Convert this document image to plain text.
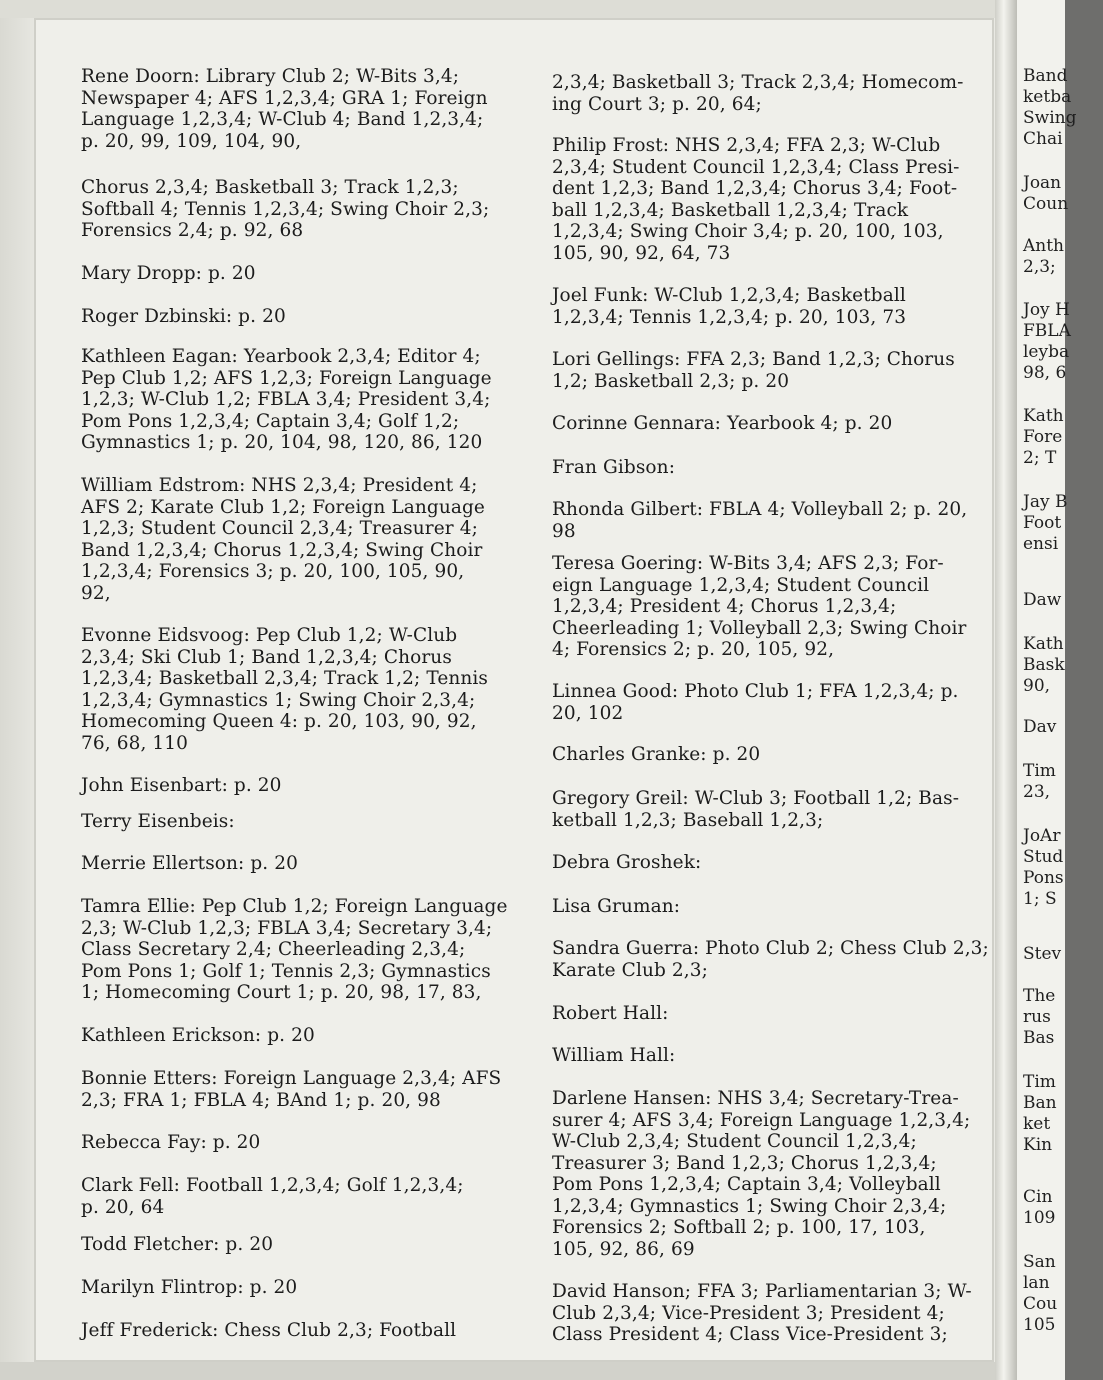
Rene Doorn: Library Club 2; W-Bits 3,4;
Newspaper 4; AFS 1,2,3,4; GRA 1; Foreign
Language 1,2,3,4; W-Club 4; Band 1,2,3,4;
p. 20, 99, 109, 104, 90,

Chorus 2,3,4; Basketball 3; Track 1,2,3;
Softball 4; Tennis 1,2,3,4; Swing Choir 2,3;
Forensics 2,4; p. 92, 68

Mary Dropp: p. 20

Roger Dzbinski: p. 20

Kathleen Eagan: Yearbook 2,3,4; Editor 4;
Pep Club 1,2; AFS 1,2,3; Foreign Language
1,2,3; W-Club 1,2; FBLA 3,4; President 3,4;
Pom Pons 1,2,3,4; Captain 3,4; Golf 1,2;
Gymnastics 1; p. 20, 104, 98, 120, 86, 120

William Edstrom: NHS 2,3,4; President 4;
AFS 2; Karate Club 1,2; Foreign Language
1,2,3; Student Council 2,3,4; Treasurer 4;
Band 1,2,3,4; Chorus 1,2,3,4; Swing Choir
1,2,3,4; Forensics 3; p. 20, 100, 105, 90,
92,

Evonne Eidsvoog: Pep Club 1,2; W-Club
2,3,4; Ski Club 1; Band 1,2,3,4; Chorus
1,2,3,4; Basketball 2,3,4; Track 1,2; Tennis
1,2,3,4; Gymnastics 1; Swing Choir 2,3,4;
Homecoming Queen 4: p. 20, 103, 90, 92,
76, 68, 110

John Eisenbart: p. 20

Terry Eisenbeis:

Merrie Ellertson: p. 20

Tamra Ellie: Pep Club 1,2; Foreign Language
2,3; W-Club 1,2,3; FBLA 3,4; Secretary 3,4;
Class Secretary 2,4; Cheerleading 2,3,4;
Pom Pons 1; Golf 1; Tennis 2,3; Gymnastics
1; Homecoming Court 1; p. 20, 98, 17, 83,

Kathleen Erickson: p. 20

Bonnie Etters: Foreign Language 2,3,4; AFS
2,3; FRA 1; FBLA 4; BAnd 1; p. 20, 98

Rebecca Fay: p. 20

Clark Fell: Football 1,2,3,4; Golf 1,2,3,4;
p. 20, 64

Todd Fletcher: p. 20

Marilyn Flintrop: p. 20

Jeff Frederick: Chess Club 2,3; Football

2,3,4; Basketball 3; Track 2,3,4; Homecom-
ing Court 3; p. 20, 64;

Philip Frost: NHS 2,3,4; FFA 2,3; W-Club
2,3,4; Student Council 1,2,3,4; Class Presi-
dent 1,2,3; Band 1,2,3,4; Chorus 3,4; Foot-
ball 1,2,3,4; Basketball 1,2,3,4; Track
1,2,3,4; Swing Choir 3,4; p. 20, 100, 103,
105, 90, 92, 64, 73

Joel Funk: W-Club 1,2,3,4; Basketball
1,2,3,4; Tennis 1,2,3,4; p. 20, 103, 73

Lori Gellings: FFA 2,3; Band 1,2,3; Chorus
1,2; Basketball 2,3; p. 20

Corinne Gennara: Yearbook 4; p. 20

Fran Gibson:

Rhonda Gilbert: FBLA 4; Volleyball 2; p. 20,
98

Teresa Goering: W-Bits 3,4; AFS 2,3; For-
eign Language 1,2,3,4; Student Council
1,2,3,4; President 4; Chorus 1,2,3,4;
Cheerleading 1; Volleyball 2,3; Swing Choir
4; Forensics 2; p. 20, 105, 92,

Linnea Good: Photo Club 1; FFA 1,2,3,4; p.
20, 102

Charles Granke: p. 20

Gregory Greil: W-Club 3; Football 1,2; Bas-
ketball 1,2,3; Baseball 1,2,3;

Debra Groshek:

Lisa Gruman:

Sandra Guerra: Photo Club 2; Chess Club 2,3;
Karate Club 2,3;

Robert Hall:

William Hall:

Darlene Hansen: NHS 3,4; Secretary-Trea-
surer 4; AFS 3,4; Foreign Language 1,2,3,4;
W-Club 2,3,4; Student Council 1,2,3,4;
Treasurer 3; Band 1,2,3; Chorus 1,2,3,4;
Pom Pons 1,2,3,4; Captain 3,4; Volleyball
1,2,3,4; Gymnastics 1; Swing Choir 2,3,4;
Forensics 2; Softball 2; p. 100, 17, 103,
105, 92, 86, 69

David Hanson; FFA 3; Parliamentarian 3; W-
Club 2,3,4; Vice-President 3; President 4;
Class President 4; Class Vice-President 3;

Band
ketba
Swing
Chai

Joan
Coun

Anth
2,3;

Joy H
FBLA
leyba
98, 6

Kath
Fore
2; T

Jay B
Foot
ensi

Daw

Kath
Bask
90,

Dav

Tim
23,

JoAr
Stud
Pons
1; S

Stev

The
rus
Bas

Tim
Ban
ket
Kin

Cin
109

San
lan
Cou
105
